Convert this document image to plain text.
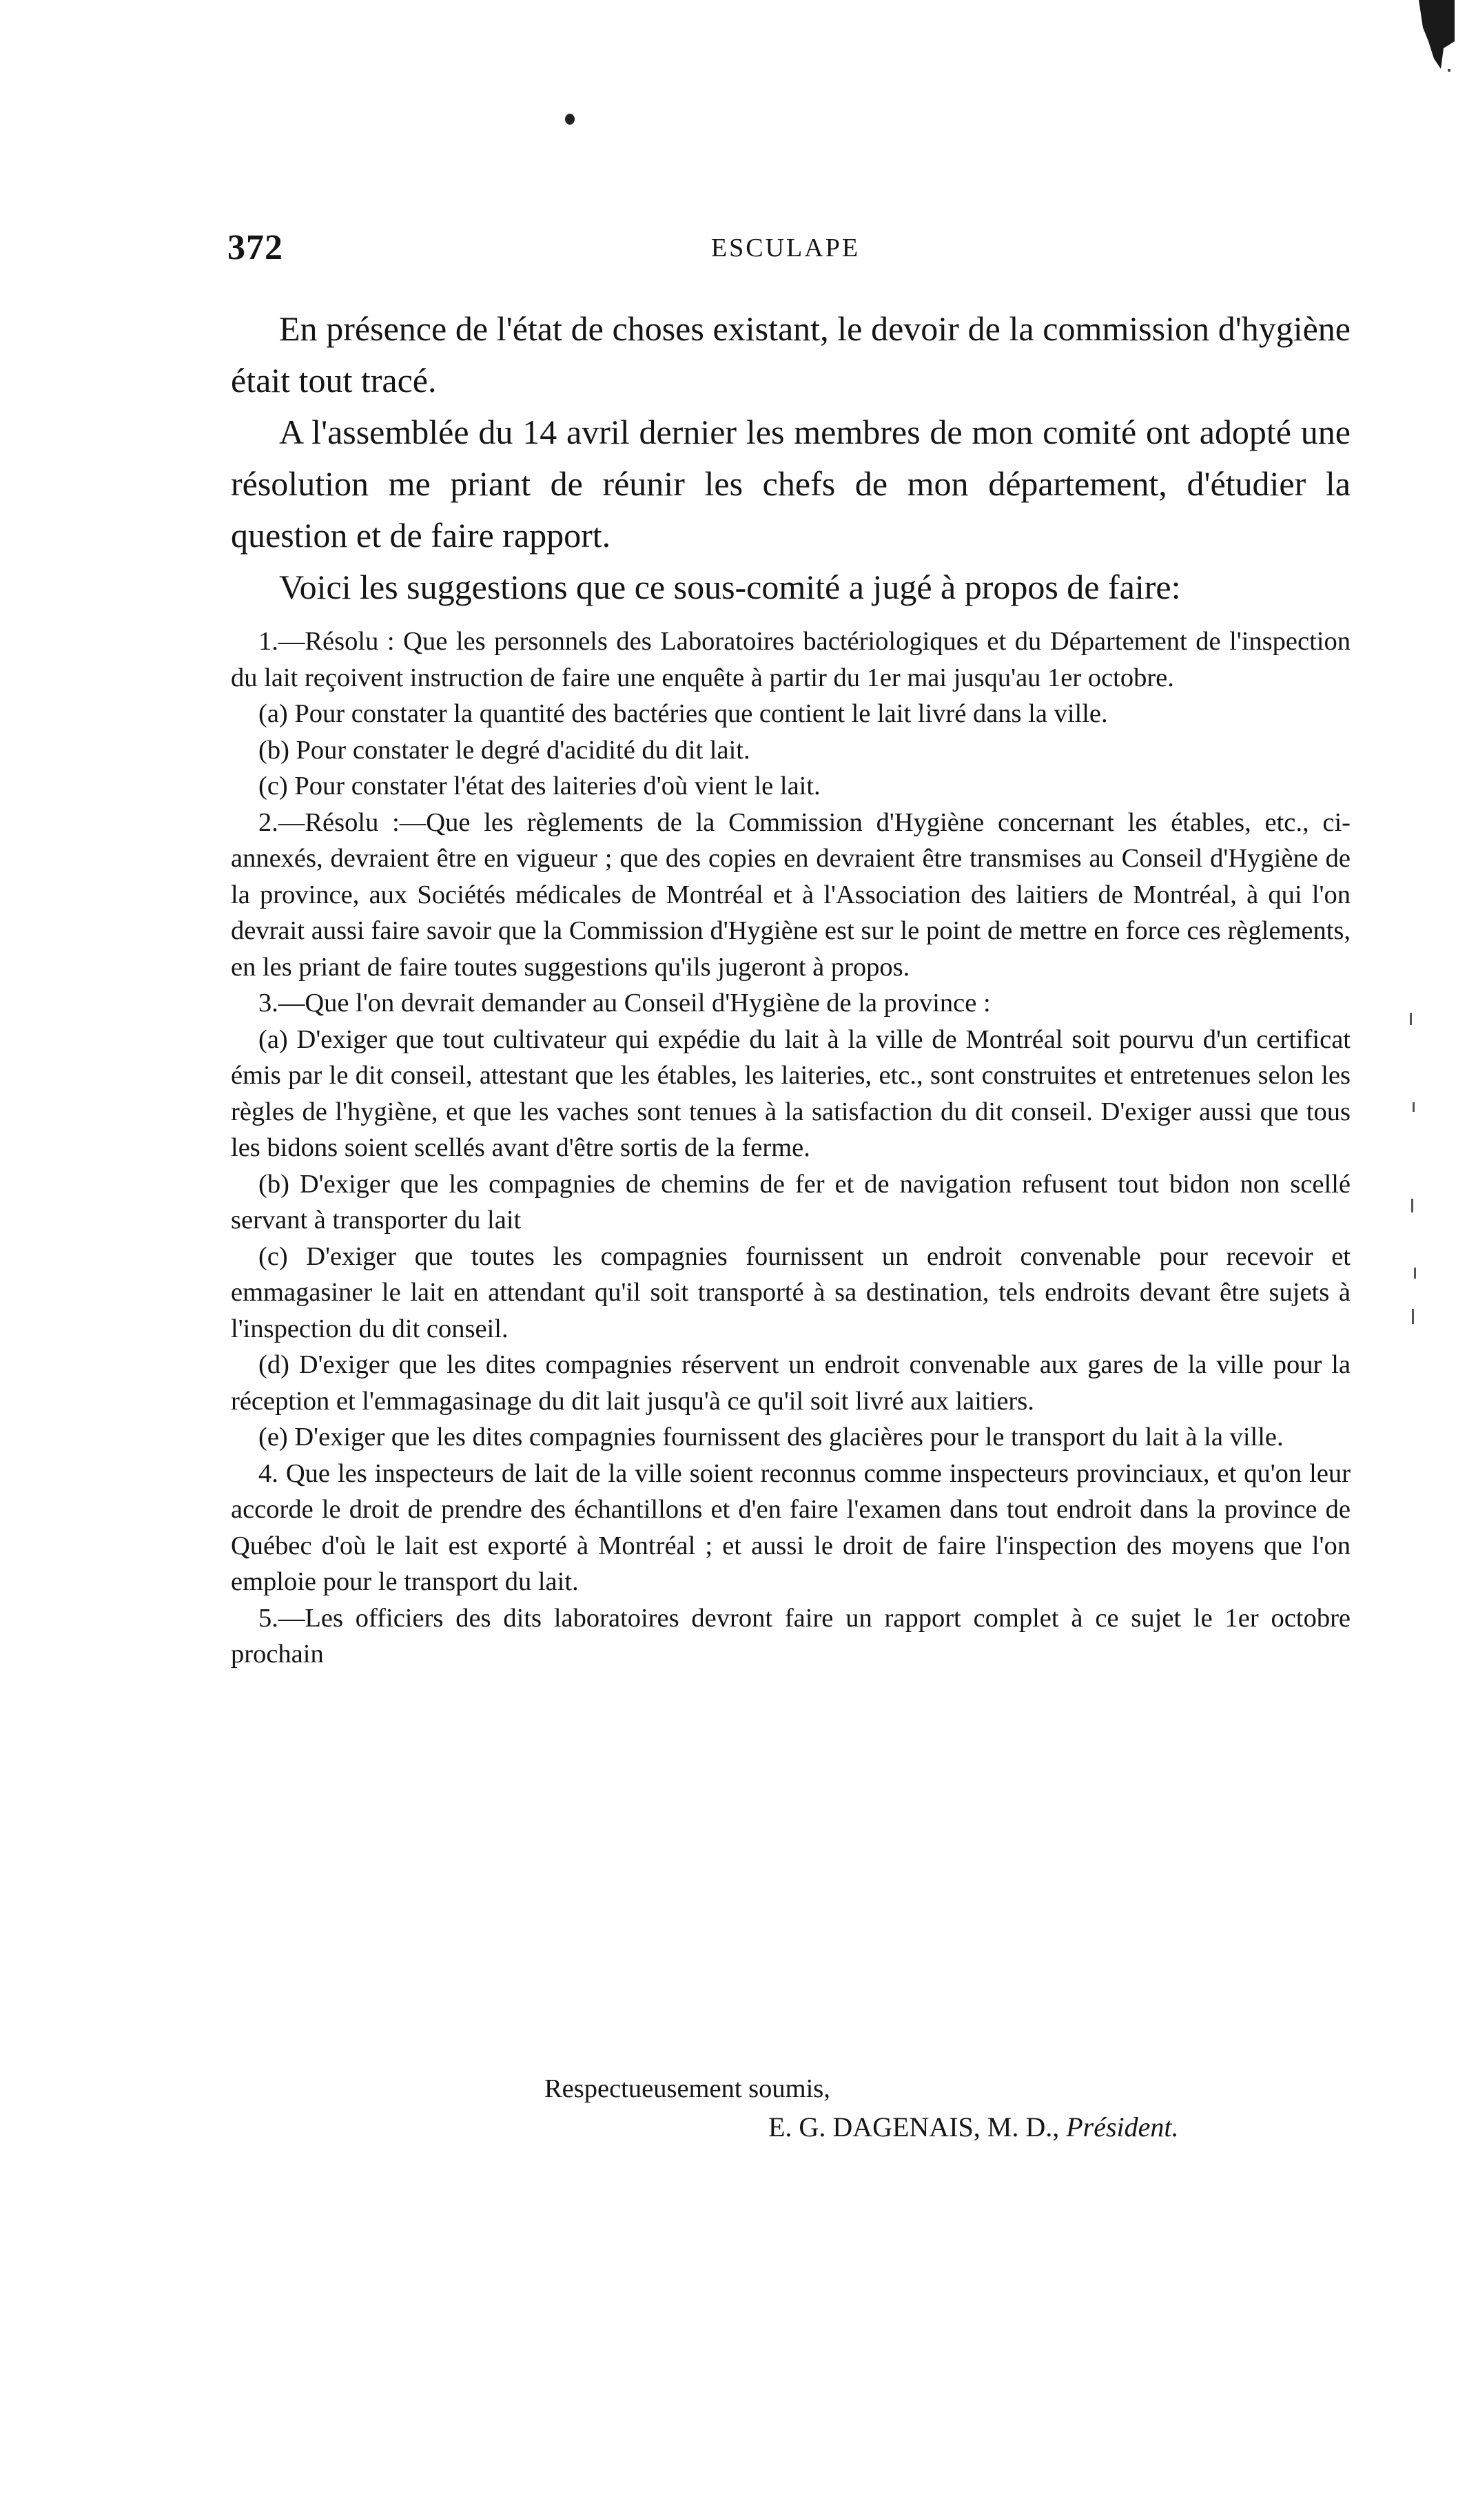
372	ESCULAPE

En présence de l'état de choses existant, le devoir de la commission d'hygiène était tout tracé.

A l'assemblée du 14 avril dernier les membres de mon comité ont adopté une résolution me priant de réunir les chefs de mon département, d'étudier la question et de faire rapport.

Voici les suggestions que ce sous-comité a jugé à propos de faire:

1.—Résolu : Que les personnels des Laboratoires bactériologiques et du Département de l'inspection du lait reçoivent instruction de faire une enquête à partir du 1er mai jusqu'au 1er octobre.

(a) Pour constater la quantité des bactéries que contient le lait livré dans la ville.

(b) Pour constater le degré d'acidité du dit lait.

(c) Pour constater l'état des laiteries d'où vient le lait.

2.—Résolu :—Que les règlements de la Commission d'Hygiène concernant les étables, etc., ci-annexés, devraient être en vigueur ; que des copies en devraient être transmises au Conseil d'Hygiène de la province, aux Sociétés médicales de Montréal et à l'Association des laitiers de Montréal, à qui l'on devrait aussi faire savoir que la Commission d'Hygiène est sur le point de mettre en force ces règlements, en les priant de faire toutes suggestions qu'ils jugeront à propos.

3.—Que l'on devrait demander au Conseil d'Hygiène de la province :

(a) D'exiger que tout cultivateur qui expédie du lait à la ville de Montréal soit pourvu d'un certificat émis par le dit conseil, attestant que les étables, les laiteries, etc., sont construites et entretenues selon les règles de l'hygiène, et que les vaches sont tenues à la satisfaction du dit conseil. D'exiger aussi que tous les bidons soient scellés avant d'être sortis de la ferme.

(b) D'exiger que les compagnies de chemins de fer et de navigation refusent tout bidon non scellé servant à transporter du lait

(c) D'exiger que toutes les compagnies fournissent un endroit convenable pour recevoir et emmagasiner le lait en attendant qu'il soit transporté à sa destination, tels endroits devant être sujets à l'inspection du dit conseil.

(d) D'exiger que les dites compagnies réservent un endroit convenable aux gares de la ville pour la réception et l'emmagasinage du dit lait jusqu'à ce qu'il soit livré aux laitiers.

(e) D'exiger que les dites compagnies fournissent des glacières pour le transport du lait à la ville.

4. Que les inspecteurs de lait de la ville soient reconnus comme inspecteurs provinciaux, et qu'on leur accorde le droit de prendre des échantillons et d'en faire l'examen dans tout endroit dans la province de Québec d'où le lait est exporté à Montréal ; et aussi le droit de faire l'inspection des moyens que l'on emploie pour le transport du lait.

5.—Les officiers des dits laboratoires devront faire un rapport complet à ce sujet le 1er octobre prochain

Respectueusement soumis,
E. G. DAGENAIS, M. D., Président.
